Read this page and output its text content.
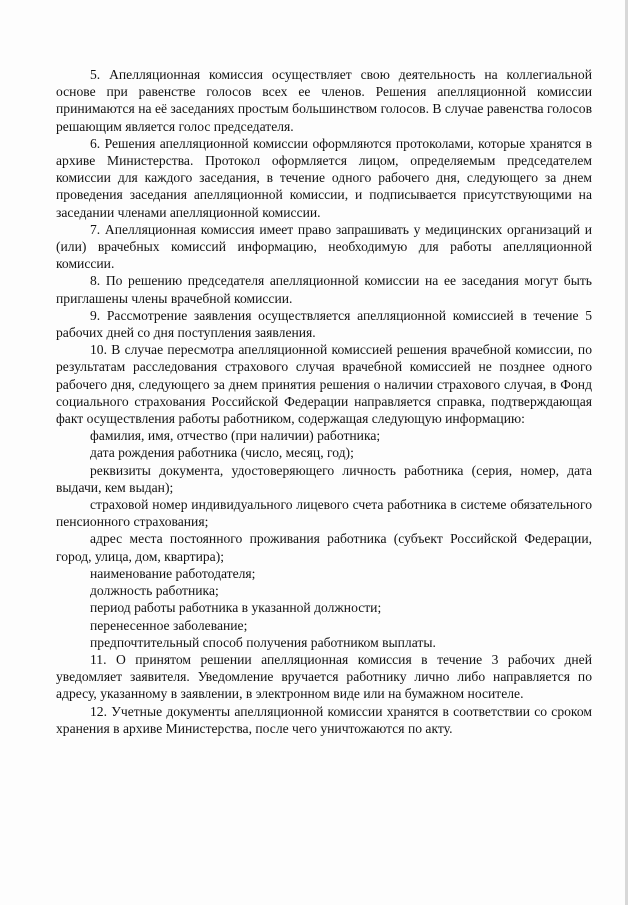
5. Апелляционная комиссия осуществляет свою деятельность на коллегиальной основе при равенстве голосов всех ее членов. Решения апелляционной комиссии принимаются на её заседаниях простым большинством голосов. В случае равенства голосов решающим является голос председателя.

6. Решения апелляционной комиссии оформляются протоколами, которые хранятся в архиве Министерства. Протокол оформляется лицом, определяемым председателем комиссии для каждого заседания, в течение одного рабочего дня, следующего за днем проведения заседания апелляционной комиссии, и подписывается присутствующими на заседании членами апелляционной комиссии.

7. Апелляционная комиссия имеет право запрашивать у медицинских организаций и (или) врачебных комиссий информацию, необходимую для работы апелляционной комиссии.

8. По решению председателя апелляционной комиссии на ее заседания могут быть приглашены члены врачебной комиссии.

9. Рассмотрение заявления осуществляется апелляционной комиссией в течение 5 рабочих дней со дня поступления заявления.

10. В случае пересмотра апелляционной комиссией решения врачебной комиссии, по результатам расследования страхового случая врачебной комиссией не позднее одного рабочего дня, следующего за днем принятия решения о наличии страхового случая, в Фонд социального страхования Российской Федерации направляется справка, подтверждающая факт осуществления работы работником, содержащая следующую информацию:

фамилия, имя, отчество (при наличии) работника;

дата рождения работника (число, месяц, год);

реквизиты документа, удостоверяющего личность работника (серия, номер, дата выдачи, кем выдан);

страховой номер индивидуального лицевого счета работника в системе обязательного пенсионного страхования;

адрес места постоянного проживания работника (субъект Российской Федерации, город, улица, дом, квартира);

наименование работодателя;

должность работника;

период работы работника в указанной должности;

перенесенное заболевание;

предпочтительный способ получения работником выплаты.

11. О принятом решении апелляционная комиссия в течение 3 рабочих дней уведомляет заявителя. Уведомление вручается работнику лично либо направляется по адресу, указанному в заявлении, в электронном виде или на бумажном носителе.

12. Учетные документы апелляционной комиссии хранятся в соответствии со сроком хранения в архиве Министерства, после чего уничтожаются по акту.
